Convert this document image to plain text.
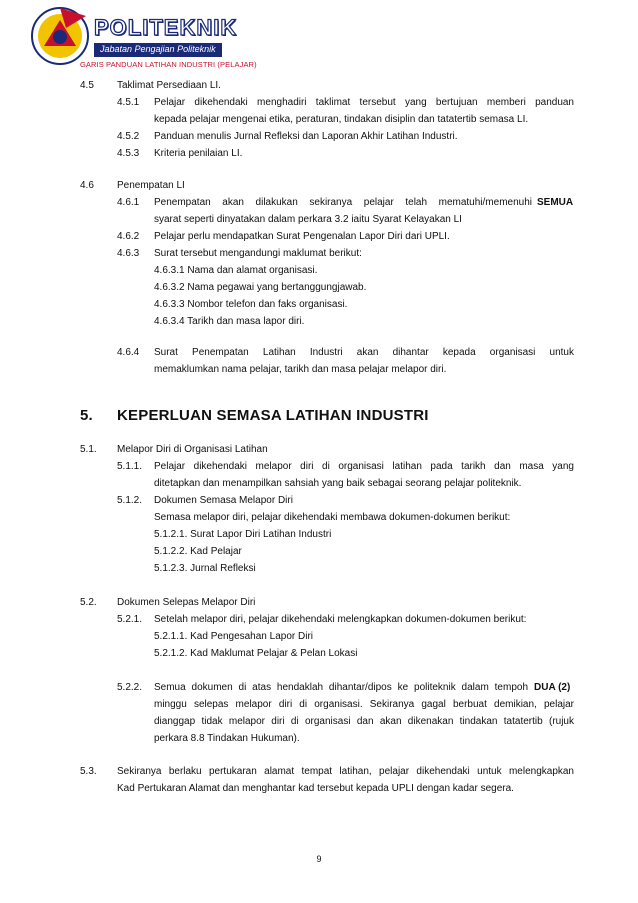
POLITEKNIK
Jabatan Pengajian Politeknik
GARIS PANDUAN LATIHAN INDUSTRI (PELAJAR)
4.5 Taklimat Persediaan LI.
4.5.1 Pelajar dikehendaki menghadiri taklimat tersebut yang bertujuan memberi panduan
kepada pelajar mengenai etika, peraturan, tindakan disiplin dan tatatertib semasa LI.
4.5.2 Panduan menulis Jurnal Refleksi dan Laporan Akhir Latihan Industri.
4.5.3 Kriteria penilaian LI.
4.6 Penempatan LI
4.6.1 Penempatan akan dilakukan sekiranya pelajar telah mematuhi/memenuhi SEMUA
syarat seperti dinyatakan dalam perkara 3.2 iaitu Syarat Kelayakan LI
4.6.2 Pelajar perlu mendapatkan Surat Pengenalan Lapor Diri dari UPLI.
4.6.3 Surat tersebut mengandungi maklumat berikut:
4.6.3.1 Nama dan alamat organisasi.
4.6.3.2 Nama pegawai yang bertanggungjawab.
4.6.3.3 Nombor telefon dan faks organisasi.
4.6.3.4 Tarikh dan masa lapor diri.
4.6.4 Surat Penempatan Latihan Industri akan dihantar kepada organisasi untuk
memaklumkan nama pelajar, tarikh dan masa pelajar melapor diri.
5. KEPERLUAN SEMASA LATIHAN INDUSTRI
5.1. Melapor Diri di Organisasi Latihan
5.1.1. Pelajar dikehendaki melapor diri di organisasi latihan pada tarikh dan masa yang
ditetapkan dan menampilkan sahsiah yang baik sebagai seorang pelajar politeknik.
5.1.2. Dokumen Semasa Melapor Diri
Semasa melapor diri, pelajar dikehendaki membawa dokumen-dokumen berikut:
5.1.2.1. Surat Lapor Diri Latihan Industri
5.1.2.2. Kad Pelajar
5.1.2.3. Jurnal Refleksi
5.2. Dokumen Selepas Melapor Diri
5.2.1. Setelah melapor diri, pelajar dikehendaki melengkapkan dokumen-dokumen berikut:
5.2.1.1. Kad Pengesahan Lapor Diri
5.2.1.2. Kad Maklumat Pelajar & Pelan Lokasi
5.2.2. Semua dokumen di atas hendaklah dihantar/dipos ke politeknik dalam tempoh DUA (2)
minggu selepas melapor diri di organisasi. Sekiranya gagal berbuat demikian, pelajar
dianggap tidak melapor diri di organisasi dan akan dikenakan tindakan tatatertib (rujuk
perkara 8.8 Tindakan Hukuman).
5.3. Sekiranya berlaku pertukaran alamat tempat latihan, pelajar dikehendaki untuk melengkapkan
Kad Pertukaran Alamat dan menghantar kad tersebut kepada UPLI dengan kadar segera.
9
